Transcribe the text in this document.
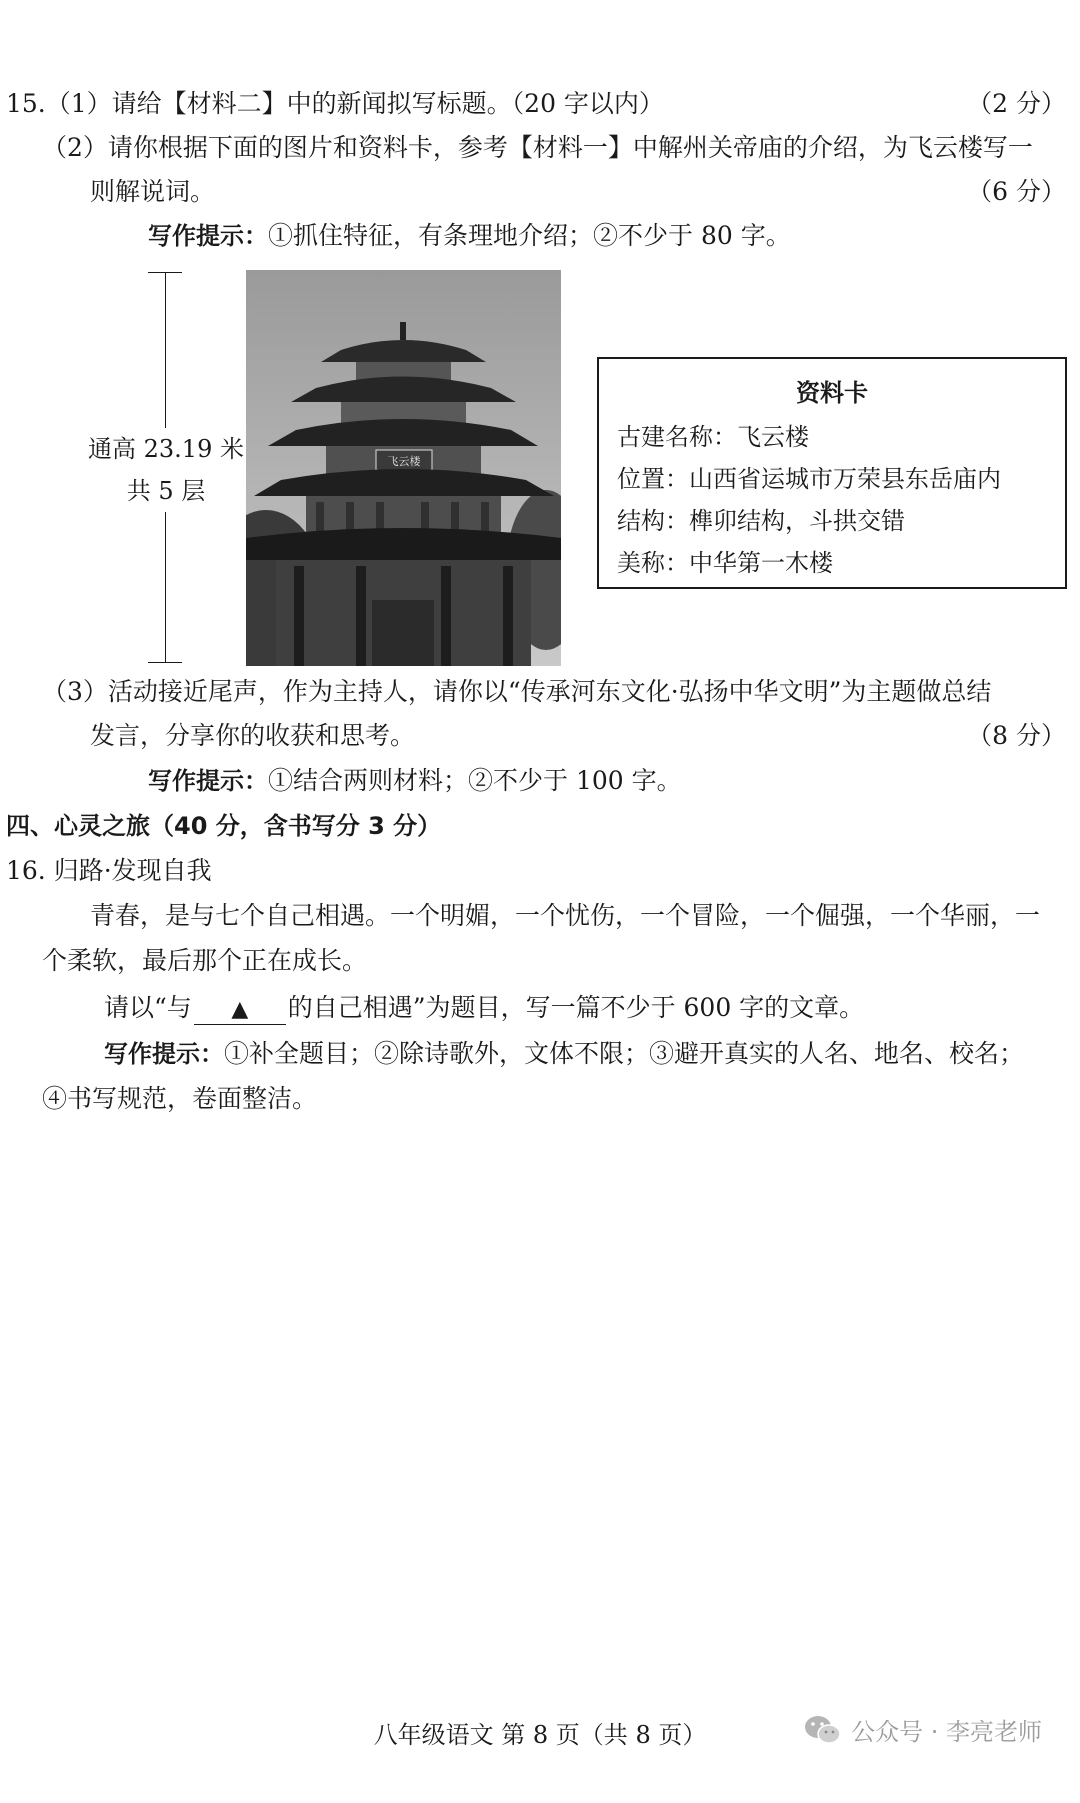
15.（1）请给【材料二】中的新闻拟写标题。（20 字以内）	（2 分）
（2）请你根据下面的图片和资料卡，参考【材料一】中解州关帝庙的介绍，为飞云楼写一
则解说词。	（6 分）
写作提示：①抓住特征，有条理地介绍；②不少于 80 字。
通高 23.19 米
共 5 层
飞云楼
资料卡
古建名称：飞云楼
位置：山西省运城市万荣县东岳庙内
结构：榫卯结构，斗拱交错
美称：中华第一木楼
（3）活动接近尾声，作为主持人，请你以“传承河东文化·弘扬中华文明”为主题做总结
发言，分享你的收获和思考。	（8 分）
写作提示：①结合两则材料；②不少于 100 字。
四、心灵之旅（40 分，含书写分 3 分）
16. 归路·发现自我
青春，是与七个自己相遇。一个明媚，一个忧伤，一个冒险，一个倔强，一个华丽，一
个柔软，最后那个正在成长。
请以“与 ▲ 的自己相遇”为题目，写一篇不少于 600 字的文章。
写作提示：①补全题目；②除诗歌外，文体不限；③避开真实的人名、地名、校名；
④书写规范，卷面整洁。
八年级语文 第 8 页（共 8 页）	公众号 · 李亮老师
